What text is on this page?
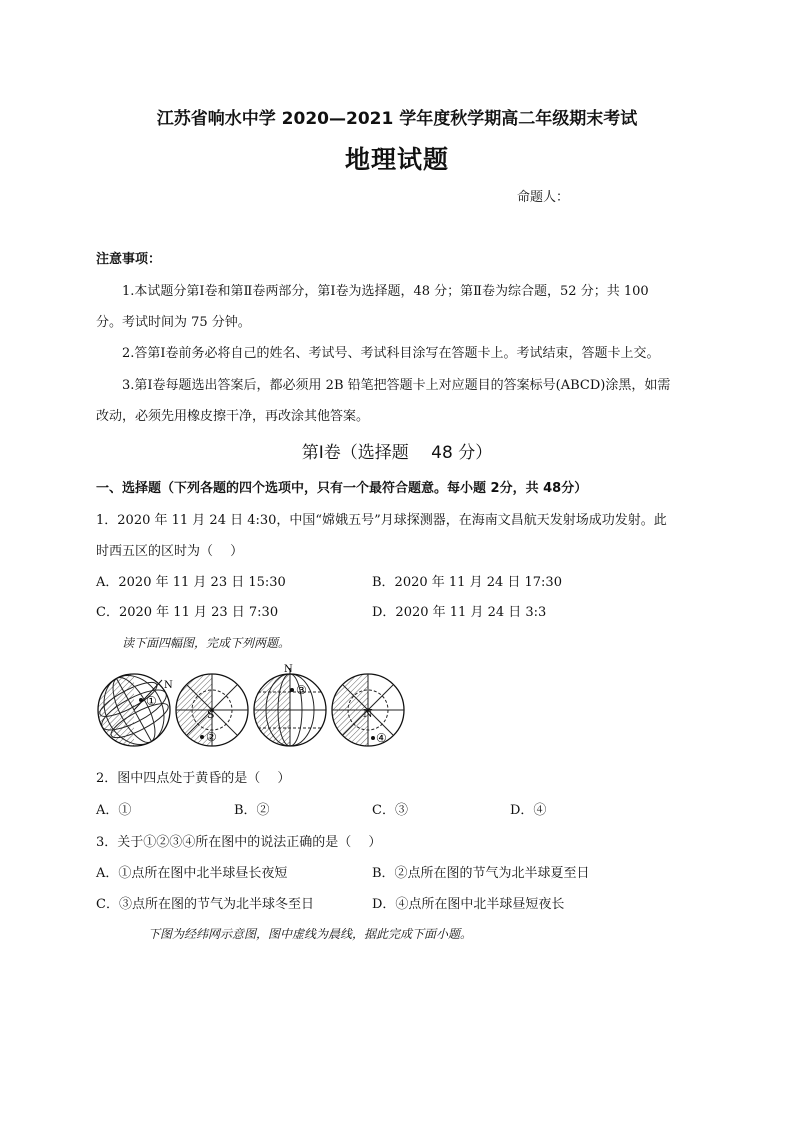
江苏省响水中学 2020—2021 学年度秋学期高二年级期末考试
地理试题
命题人：
注意事项：
1.本试题分第Ⅰ卷和第Ⅱ卷两部分，第Ⅰ卷为选择题，48 分；第Ⅱ卷为综合题，52 分；共 100
分。考试时间为 75 分钟。
2.答第Ⅰ卷前务必将自己的姓名、考试号、考试科目涂写在答题卡上。考试结束，答题卡上交。
3.第Ⅰ卷每题选出答案后，都必须用 2B 铅笔把答题卡上对应题目的答案标号(ABCD)涂黑，如需
改动，必须先用橡皮擦干净，再改涂其他答案。
第Ⅰ卷（选择题　 48 分）
一、选择题（下列各题的四个选项中，只有一个最符合题意。每小题 2分，共 48分）
1．2020 年 11 月 24 日 4:30，中国“嫦娥五号”月球探测器，在海南文昌航天发射场成功发射。此
时西五区的区时为（　 ）
A．2020 年 11 月 23 日 15:30	B．2020 年 11 月 24 日 17:30
C．2020 年 11 月 23 日 7:30	D．2020 年 11 月 24 日 3:3
读下面四幅图，完成下列两题。
①
N
S
②
N
③
N
④
2．图中四点处于黄昏的是（　 ）
A．①	B．②	C．③	D．④
3．关于①②③④所在图中的说法正确的是（　 ）
A．①点所在图中北半球昼长夜短	B．②点所在图的节气为北半球夏至日
C．③点所在图的节气为北半球冬至日	D．④点所在图中北半球昼短夜长
下图为经纬网示意图，图中虚线为晨线，据此完成下面小题。
